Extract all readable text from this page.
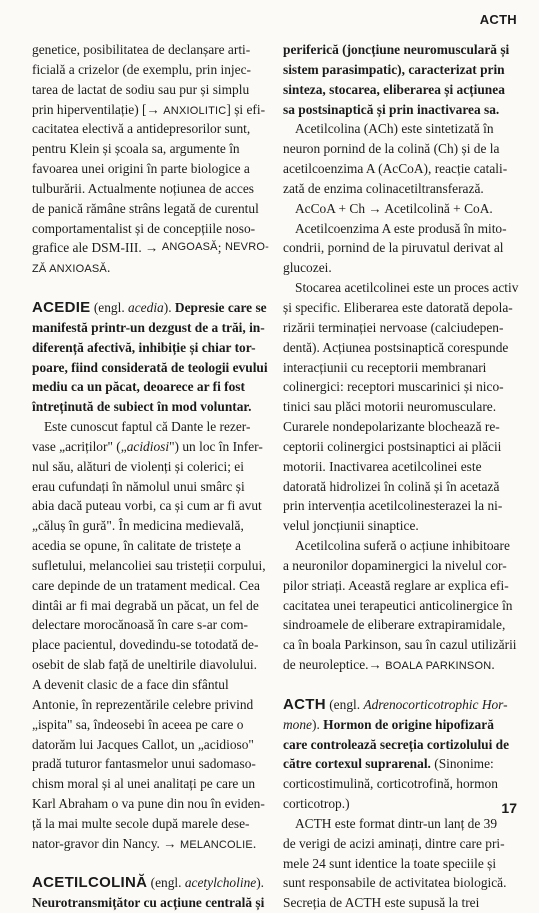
ACTH
genetice, posibilitatea de declanșare arti-
ficială a crizelor (de exemplu, prin injec-
tarea de lactat de sodiu sau pur și simplu
prin hiperventilație) [→ ANXIOLITIC] și efi-
cacitatea electivă a antidepresorilor sunt,
pentru Klein și școala sa, argumente în
favoarea unei origini în parte biologice a
tulburării. Actualmente noțiunea de acces
de panică rămâne strâns legată de curentul
comportamentalist și de concepțiile noso-
grafice ale DSM-III. → ANGOASĂ ; NEVRO-
ZĂ ANXIOASĂ.
ACEDIE (engl. acedia). Depresie care se
manifestă printr-un dezgust de a trăi, in-
diferență afectivă, inhibiție și chiar tor-
poare, fiind considerată de teologii evului
mediu ca un păcat, deoarece ar fi fost
întreținută de subiect în mod voluntar.
Este cunoscut faptul că Dante le rezer-
vase „acriților" („acidiosi") un loc în Infer-
nul său, alături de violenți și colerici; ei
erau cufundați în nămolul unui smârc și
abia dacă puteau vorbi, ca și cum ar fi avut
„căluș în gură". În medicina medievală,
acedia se opune, în calitate de tristețe a
sufletului, melancoliei sau tristeții corpului,
care depinde de un tratament medical. Cea
dintâi ar fi mai degrabă un păcat, un fel de
delectare morocănoasă în care s-ar com-
place pacientul, dovedindu-se totodată de-
osebit de slab față de uneltirile diavolului.
A devenit clasic de a face din sfântul
Antonie, în reprezentările celebre privind
„ispita" sa, îndeosebi în aceea pe care o
datorăm lui Jacques Callot, un „acidioso"
pradă tuturor fantasmelor unui sadomaso-
chism moral și al unei analitați pe care un
Karl Abraham o va pune din nou în eviden-
ță la mai multe secole după marele dese-
nator-gravor din Nancy. → MELANCOLIE.
ACETILCOLINĂ (engl. acetylcholine).
Neurotransmițător cu acțiune centrală și
periferică (joncțiune neuromusculară și
sistem parasimpatic), caracterizat prin
sinteza, stocarea, eliberarea și acțiunea
sa postsinaptică și prin inactivarea sa.
Acetilcolina (ACh) este sintetizată în
neuron pornind de la colină (Ch) și de la
acetilcoenzima A (AcCoA), reacție catali-
zată de enzima colinacetiltransferază.
AcCoA + Ch → Acetilcolină + CoA.
Acetilcoenzima A este produsă în mito-
condrii, pornind de la piruvatul derivat al
glucozei.
Stocarea acetilcolinei este un proces activ
și specific. Eliberarea este datorată depola-
rizării terminației nervoase (calciudepen-
dentă). Acțiunea postsinaptică corespunde
interacțiunii cu receptorii membranari
colinergici: receptori muscarinici și nico-
tinici sau plăci motorii neuromusculare.
Curarele nondepolarizante blochează re-
ceptorii colinergici postsinaptici ai plăcii
motorii. Inactivarea acetilcolinei este
datorată hidrolizei în colină și în acetază
prin intervenția acetilcolinesterazei la ni-
velul joncțiunii sinaptice.
Acetilcolina suferă o acțiune inhibitoare
a neuronilor dopaminergici la nivelul cor-
pilor striați. Această reglare ar explica efi-
cacitatea unei terapeutici anticolinergice în
sindroamele de eliberare extrapiramidale,
ca în boala Parkinson, sau în cazul utilizării
de neuroleptice.→ BOALA PARKINSON.
ACTH (engl. Adrenocorticotrophic Hor-
mone). Hormon de origine hipofizară
care controlează secreția cortizolului de
către cortexul suprarenal. (Sinonime:
corticostimulină, corticotrofină, hormon
corticotrop.)
ACTH este format dintr-un lanț de 39
de verigi de acizi aminați, dintre care pri-
mele 24 sunt identice la toate speciile și
sunt responsabile de activitatea biologică.
Secreția de ACTH este supusă la trei
17
